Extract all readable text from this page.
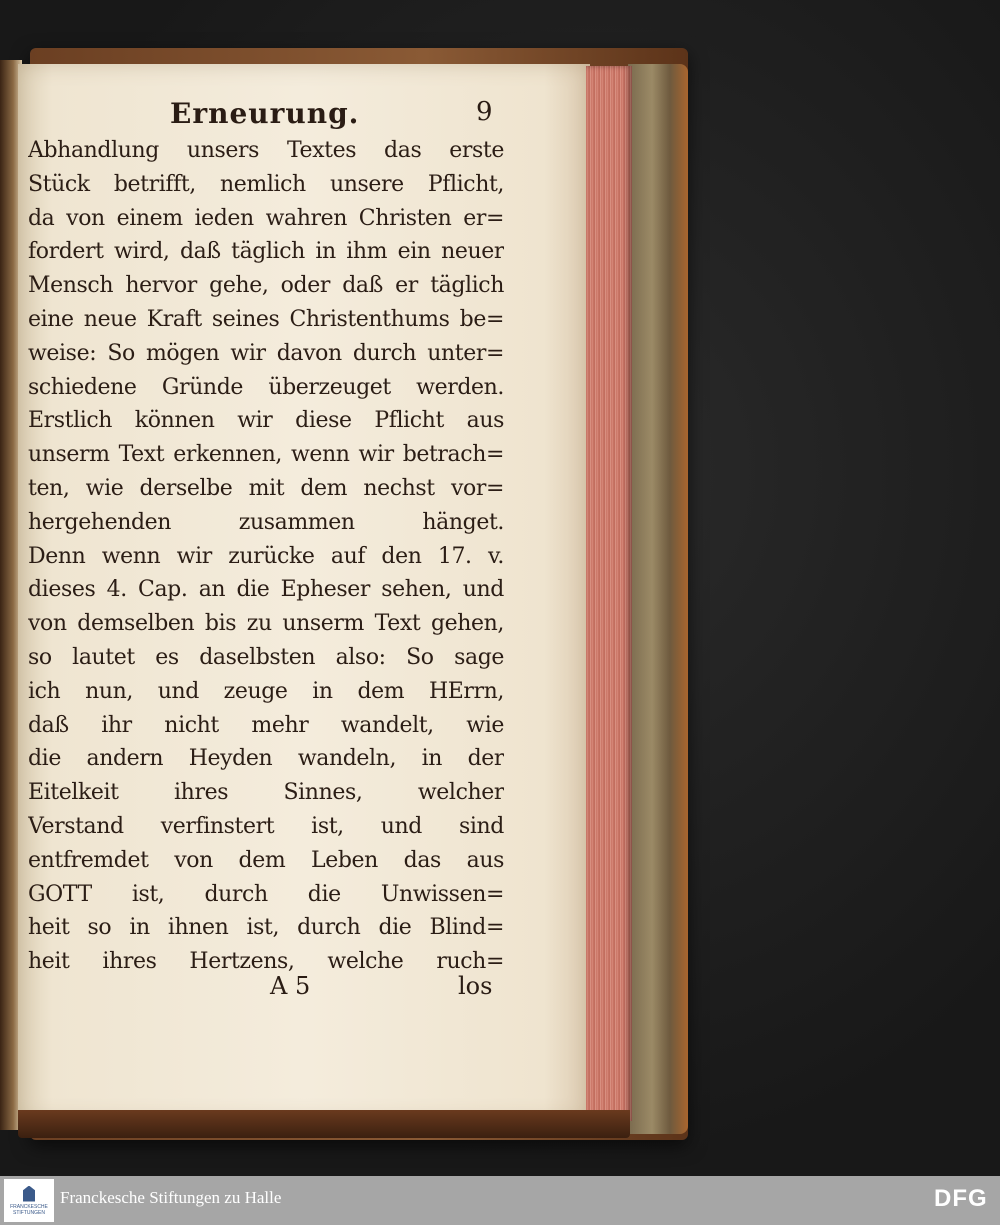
Erneurung.	9
Abhandlung unsers Textes das erste
Stück betrifft, nemlich unsere Pflicht,
da von einem ieden wahren Christen er=
fordert wird, daß täglich in ihm ein neuer
Mensch hervor gehe, oder daß er täglich
eine neue Kraft seines Christenthums be=
weise: So mögen wir davon durch unter=
schiedene Gründe überzeuget werden.
Erstlich können wir diese Pflicht aus
unserm Text erkennen, wenn wir betrach=
ten, wie derselbe mit dem nechst vor=
hergehenden zusammen hänget.
Denn wenn wir zurücke auf den 17. v.
dieses 4. Cap. an die Epheser sehen, und
von demselben bis zu unserm Text gehen,
so lautet es daselbsten also: So sage
ich nun, und zeuge in dem HErrn,
daß ihr nicht mehr wandelt, wie
die andern Heyden wandeln, in der
Eitelkeit ihres Sinnes, welcher
Verstand verfinstert ist, und sind
entfremdet von dem Leben das aus
GOTT ist, durch die Unwissen=
heit so in ihnen ist, durch die Blind=
heit ihres Hertzens, welche ruch=
A 5	los
FRANCKESCHE STIFTUNGEN
Franckesche Stiftungen zu Halle	DFG
